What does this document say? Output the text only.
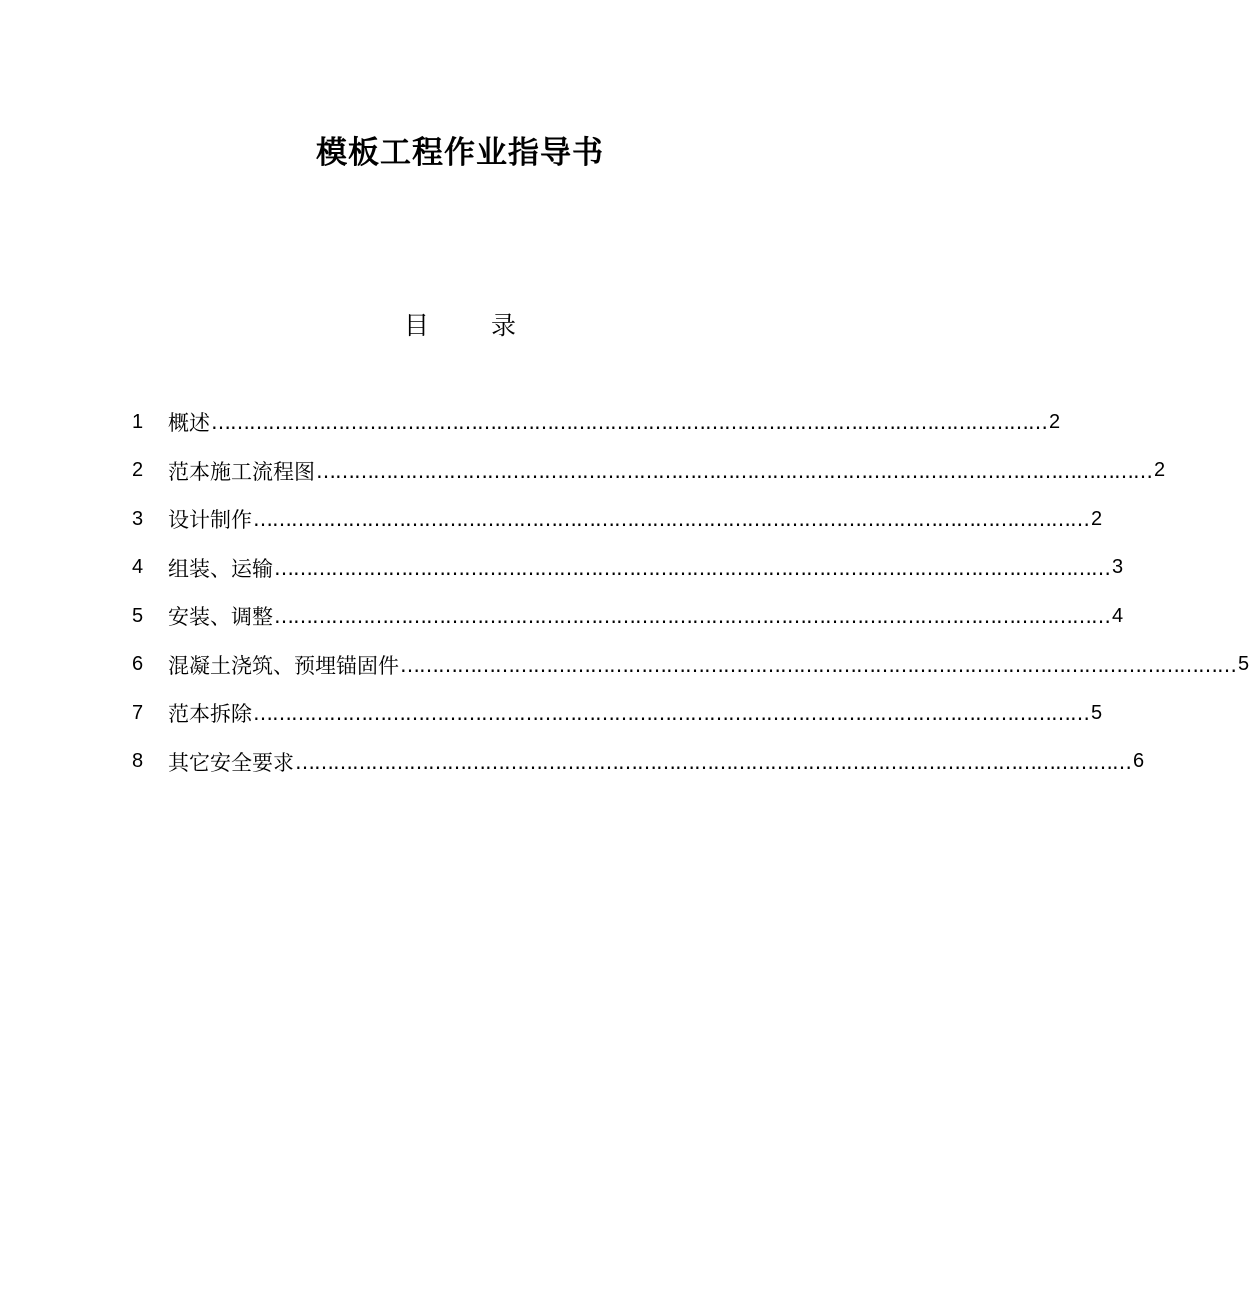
模板工程作业指导书
目 录
1	概述 …………………………………………………………………………………………………………………… 2
2	范本施工流程图 …………………………………………………………………………………………………………………… 2
3	设计制作 …………………………………………………………………………………………………………………… 2
4	组装、运输 …………………………………………………………………………………………………………………… 3
5	安装、调整 …………………………………………………………………………………………………………………… 4
6	混凝土浇筑、预埋锚固件 …………………………………………………………………………………………………………………… 5
7	范本拆除 …………………………………………………………………………………………………………………… 5
8	其它安全要求 …………………………………………………………………………………………………………………… 6
